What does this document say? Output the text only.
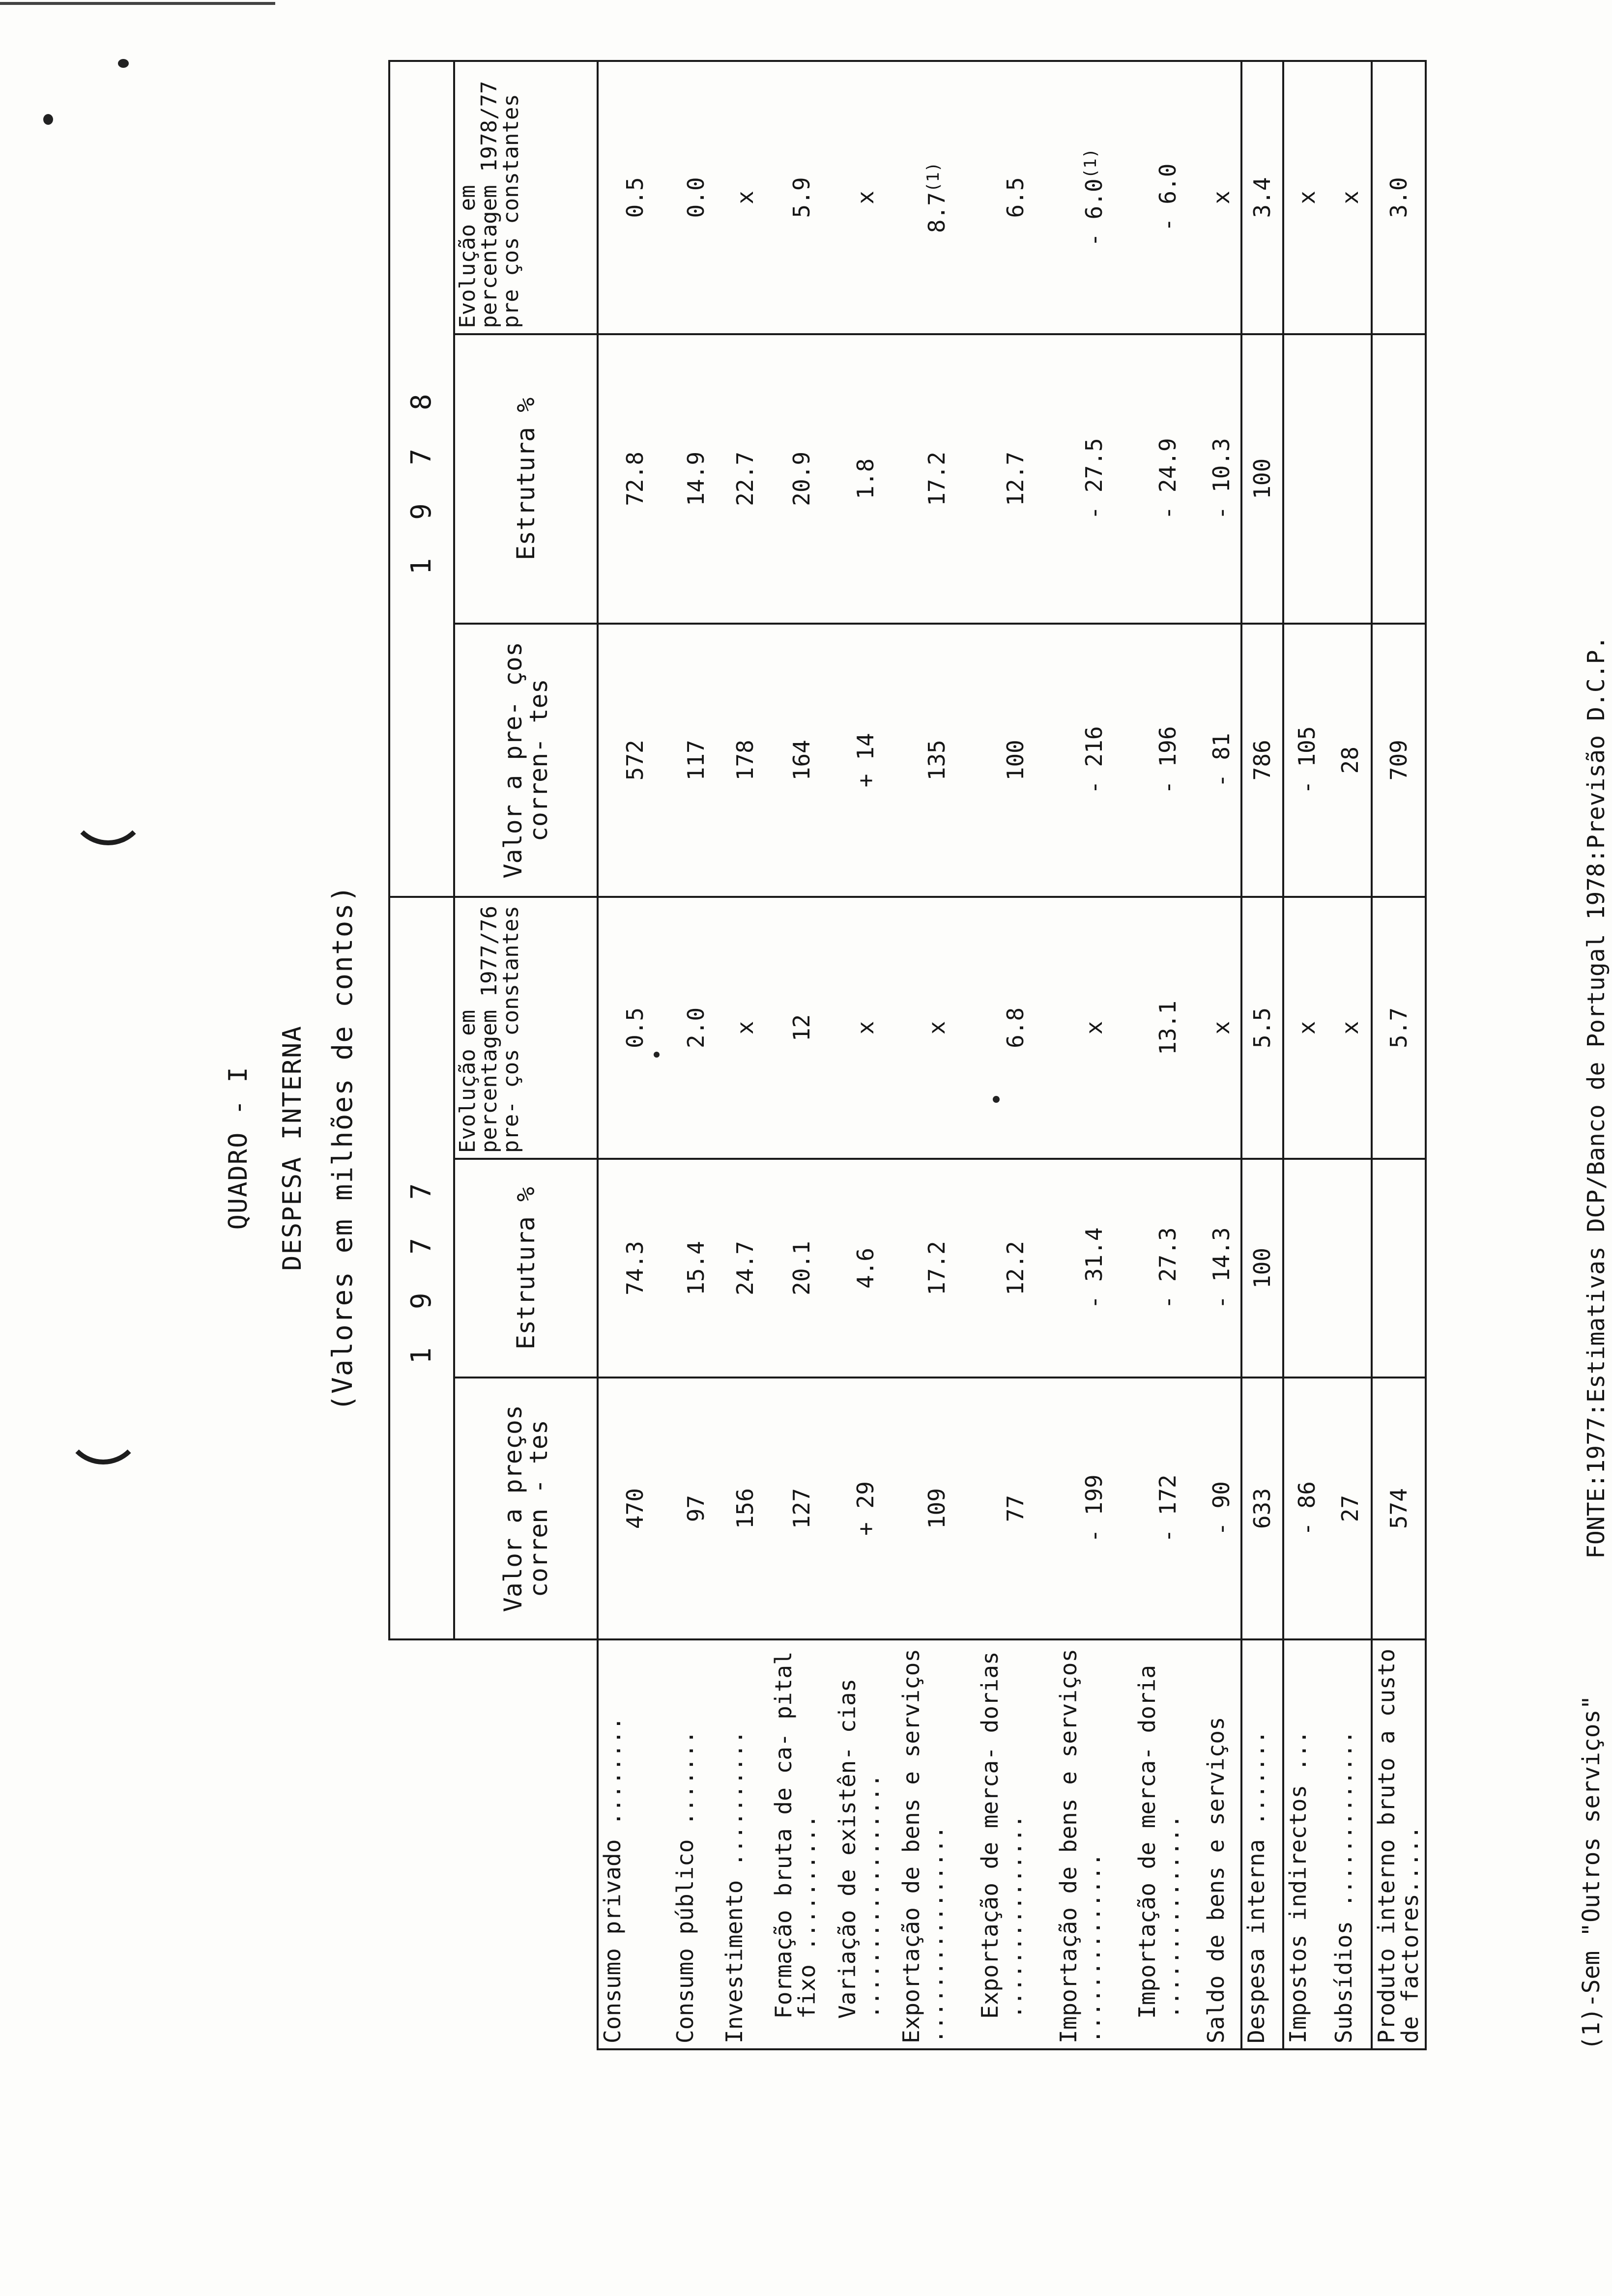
QUADRO - I DESPESA INTERNA (Valores em milhões de contos)
	1 9 7 7			1 9 7 8		
	Valor a preços corren - tes	Estrutura %	Evolução em percentagem 1977/76 pre- ços constantes	Valor a pre- ços corren- tes	Estrutura %	Evolução em percentagem 1978/77 pre ços constantes
Consumo privado ........	470	74.3	0.5	572	72.8	0.5
Consumo público .......	97	15.4	2.0	117	14.9	0.0
Investimento ..........	156	24.7	x	178	22.7	x
Formação bruta de ca- pital fixo ..........	127	20.1	12	164	20.9	5.9
Variação de existên- cias ..................	+ 29	4.6	x	+ 14	1.8	x
Exportação de bens e serviços ................	109	17.2	x	135	17.2	8.7$^{(1)}$
Exportação de merca- dorias ...............	77	12.2	6.8	100	12.7	6.5
Importação de bens e serviços ..............	- 199	- 31.4	x	- 216	- 27.5	- 6.0$^{(1)}$
Importação de merca- doria ...............	- 172	- 27.3	13.1	- 196	- 24.9	- 6.0
Saldo de bens e serviços	- 90	- 14.3	x	- 81	- 10.3	x
Despesa interna .......	633	100	5.5	786	100	3.4
Impostos indirectos ...	- 86		x	- 105		x
Subsídios .............	27		x	28		x
Produto interno bruto a custo de factores.....	574		5.7	709		3.0
(1)-Sem "Outros serviços"
FONTE:1977:Estimativas DCP/Banco de Portugal 1978:Previsão D.C.P.
